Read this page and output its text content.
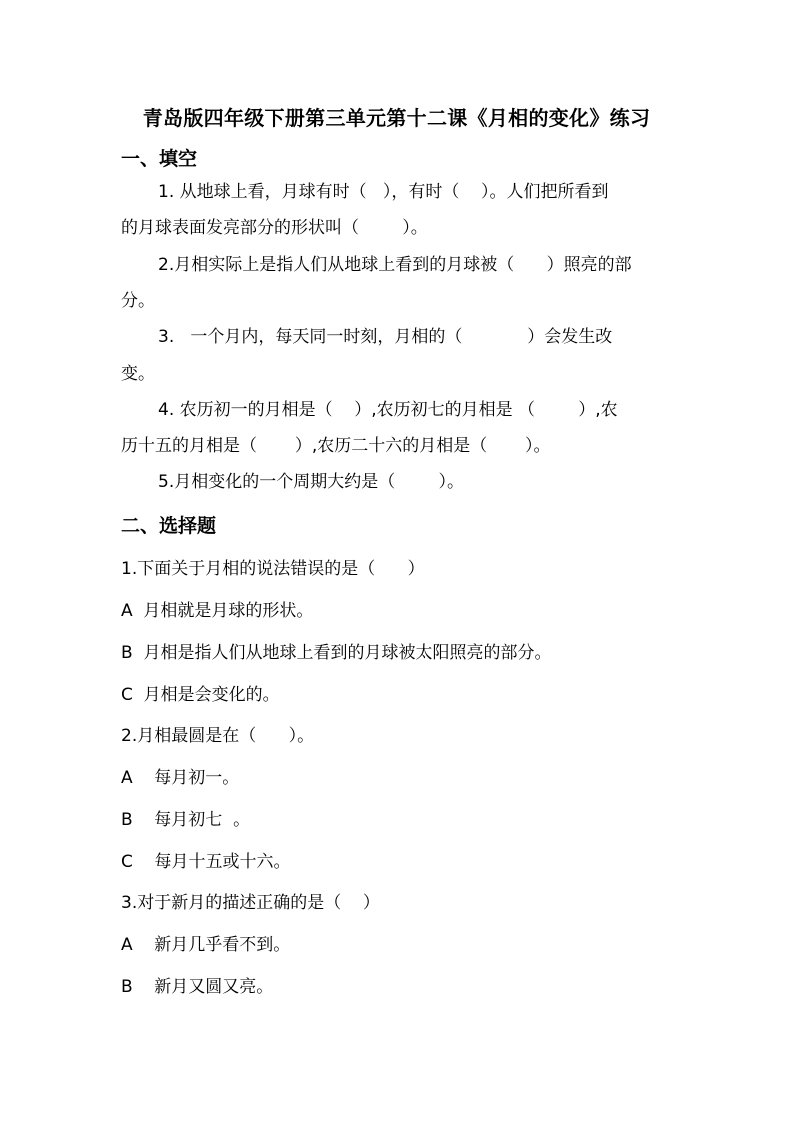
青岛版四年级下册第三单元第十二课《月相的变化》练习
一、填空
1. 从地球上看，月球有时（   ），有时（    ）。人们把所看到
的月球表面发亮部分的形状叫（        ）。
2.月相实际上是指人们从地球上看到的月球被（      ）照亮的部
分。
3.   一个月内，每天同一时刻，月相的（            ）会发生改
变。
4. 农历初一的月相是（    ）,农历初七的月相是 （        ）,农
历十五的月相是（       ）,农历二十六的月相是（       ）。
5.月相变化的一个周期大约是（        ）。
二、选择题
1.下面关于月相的说法错误的是（      ）
A  月相就是月球的形状。
B  月相是指人们从地球上看到的月球被太阳照亮的部分。
C  月相是会变化的。
2.月相最圆是在（      ）。
A    每月初一。
B    每月初七  。
C    每月十五或十六。
3.对于新月的描述正确的是（    ）
A    新月几乎看不到。
B    新月又圆又亮。
